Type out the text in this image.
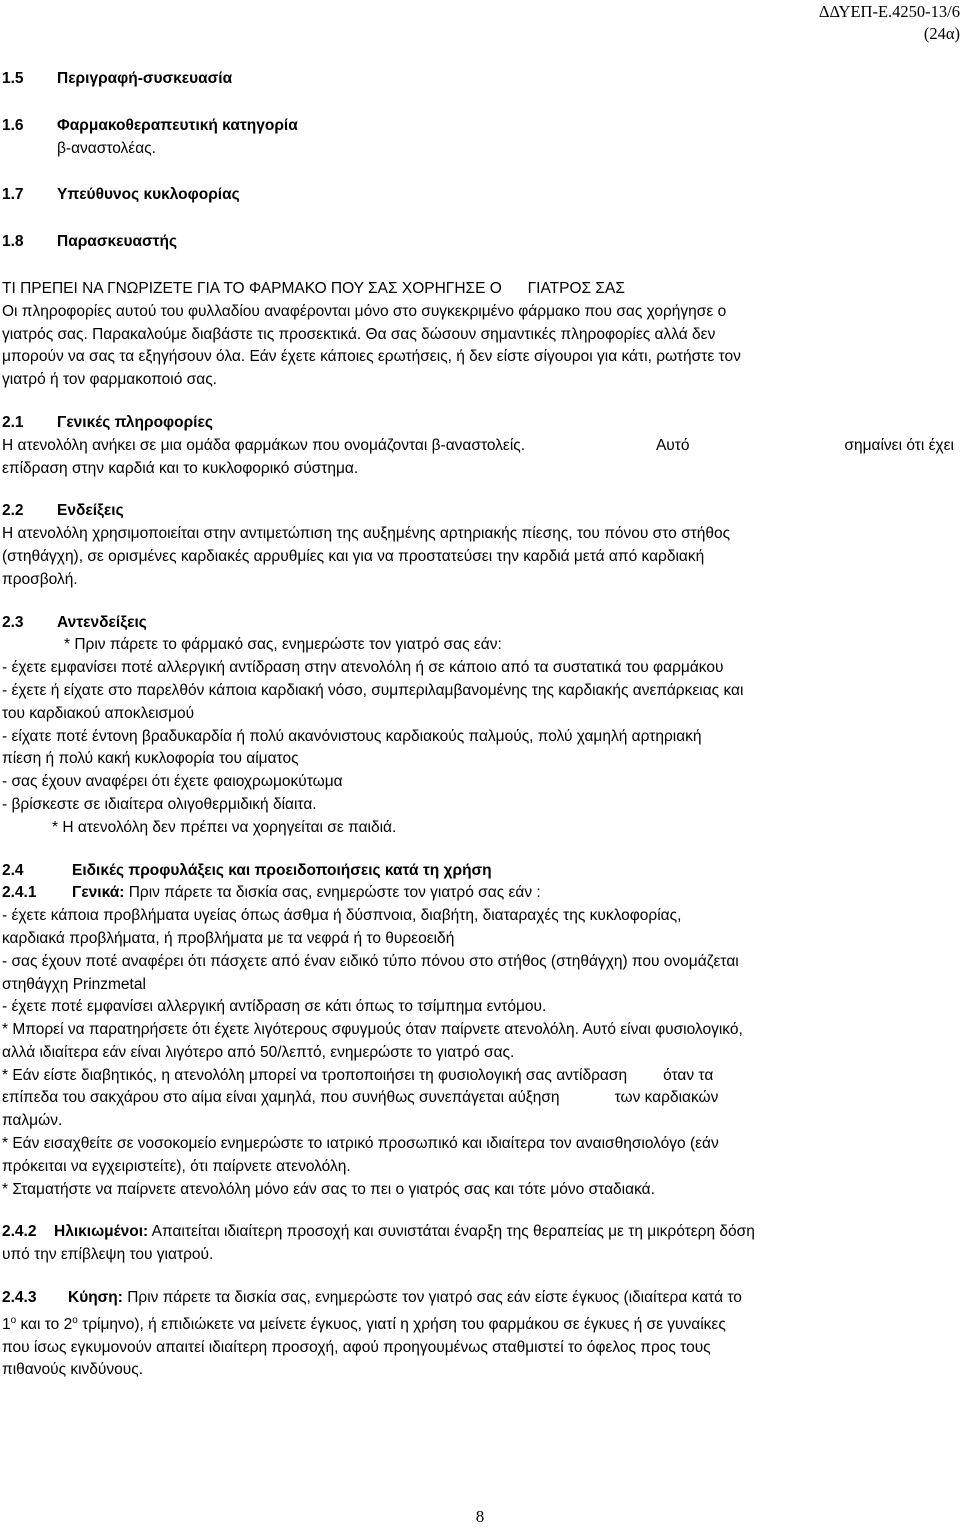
ΔΔΥΕΠ-Ε.4250-13/6
(24α)
1.5 Περιγραφή-συσκευασία
1.6 Φαρμακοθεραπευτική κατηγορία
β-αναστολέας.
1.7 Υπεύθυνος κυκλοφορίας
1.8 Παρασκευαστής
ΤΙ ΠΡΕΠΕΙ ΝΑ ΓΝΩΡΙΖΕΤΕ ΓΙΑ ΤΟ ΦΑΡΜΑΚΟ ΠΟΥ ΣΑΣ ΧΟΡΗΓΗΣΕ Ο      ΓΙΑΤΡΟΣ ΣΑΣ
Οι πληροφορίες αυτού του φυλλαδίου αναφέρονται μόνο στο συγκεκριμένο φάρμακο που σας χορήγησε ο
γιατρός σας. Παρακαλούμε διαβάστε τις προσεκτικά. Θα σας δώσουν σημαντικές πληροφορίες αλλά δεν
μπορούν να σας τα εξηγήσουν όλα. Εάν έχετε κάποιες ερωτήσεις, ή δεν είστε σίγουροι για κάτι, ρωτήστε τον
γιατρό ή τον φαρμακοποιό σας.
2.1 Γενικές πληροφορίες
Η ατενολόλη ανήκει σε μια ομάδα φαρμάκων που ονομάζονται β-αναστολείς.	Αυτό	σημαίνει ότι έχει
επίδραση στην καρδιά και το κυκλοφορικό σύστημα.
2.2 Ενδείξεις
Η ατενολόλη χρησιμοποιείται στην αντιμετώπιση της αυξημένης αρτηριακής πίεσης, του πόνου στο στήθος
(στηθάγχη), σε ορισμένες καρδιακές αρρυθμίες και για να προστατεύσει την καρδιά μετά από καρδιακή
προσβολή.
2.3 Αντενδείξεις
* Πριν πάρετε το φάρμακό σας, ενημερώστε τον γιατρό σας εάν:
- έχετε εμφανίσει ποτέ αλλεργική αντίδραση στην ατενολόλη ή σε κάποιο από τα συστατικά του φαρμάκου
- έχετε ή είχατε στο παρελθόν κάποια καρδιακή νόσο, συμπεριλαμβανομένης της καρδιακής ανεπάρκειας και
του καρδιακού αποκλεισμού
- είχατε ποτέ έντονη βραδυκαρδία ή πολύ ακανόνιστους καρδιακούς παλμούς, πολύ χαμηλή αρτηριακή
πίεση ή πολύ κακή κυκλοφορία του αίματος
- σας έχουν αναφέρει ότι έχετε φαιοχρωμοκύτωμα
- βρίσκεστε σε ιδιαίτερα ολιγοθερμιδική δίαιτα.
* Η ατενολόλη δεν πρέπει να χορηγείται σε παιδιά.
2.4	Ειδικές προφυλάξεις και προειδοποιήσεις κατά τη χρήση
2.4.1 Γενικά: Πριν πάρετε τα δισκία σας, ενημερώστε τον γιατρό σας εάν :
- έχετε κάποια προβλήματα υγείας όπως άσθμα ή δύσπνοια, διαβήτη, διαταραχές της κυκλοφορίας,
καρδιακά προβλήματα, ή προβλήματα με τα νεφρά ή το θυρεοειδή
- σας έχουν ποτέ αναφέρει ότι πάσχετε από έναν ειδικό τύπο πόνου στο στήθος (στηθάγχη) που ονομάζεται
στηθάγχη Prinzmetal
- έχετε ποτέ εμφανίσει αλλεργική αντίδραση σε κάτι όπως το τσίμπημα εντόμου.
* Μπορεί να παρατηρήσετε ότι έχετε λιγότερους σφυγμούς όταν παίρνετε ατενολόλη. Αυτό είναι φυσιολογικό,
αλλά ιδιαίτερα εάν είναι λιγότερο από 50/λεπτό, ενημερώστε το γιατρό σας.
* Εάν είστε διαβητικός, η ατενολόλη μπορεί να τροποποιήσει τη φυσιολογική σας αντίδραση όταν τα
επίπεδα του σακχάρου στο αίμα είναι χαμηλά, που συνήθως συνεπάγεται αύξηση	των καρδιακών
παλμών.
* Εάν εισαχθείτε σε νοσοκομείο ενημερώστε το ιατρικό προσωπικό και ιδιαίτερα τον αναισθησιολόγο (εάν
πρόκειται να εγχειριστείτε), ότι παίρνετε ατενολόλη.
* Σταματήστε να παίρνετε ατενολόλη μόνο εάν σας το πει ο γιατρός σας και τότε μόνο σταδιακά.
2.4.2 Ηλικιωμένοι: Απαιτείται ιδιαίτερη προσοχή και συνιστάται έναρξη της θεραπείας με τη μικρότερη δόση
υπό την επίβλεψη του γιατρού.
2.4.3 Κύηση: Πριν πάρετε τα δισκία σας, ενημερώστε τον γιατρό σας εάν είστε έγκυος (ιδιαίτερα κατά το
$1^o$ και το $2^o$ τρίμηνο), ή επιδιώκετε να μείνετε έγκυος, γιατί η χρήση του φαρμάκου σε έγκυες ή σε γυναίκες
που ίσως εγκυμονούν απαιτεί ιδιαίτερη προσοχή, αφού προηγουμένως σταθμιστεί το όφελος προς τους
πιθανούς κινδύνους.
8
